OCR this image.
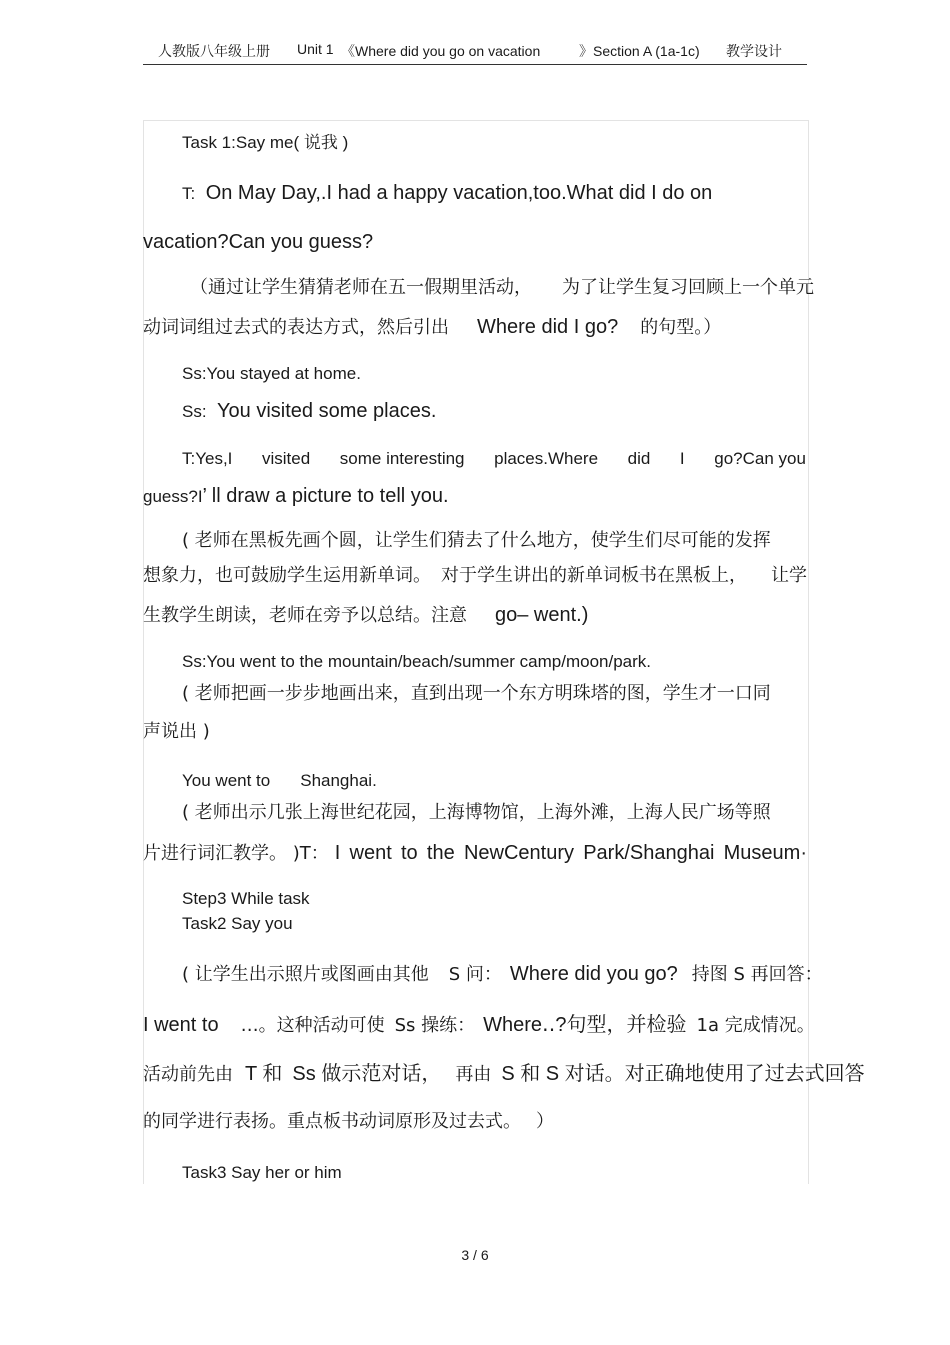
人教版八年级上册 Unit 1 《Where did you go on vacation	》Section A (1a-1c) 教学设计
Task 1:Say me( 说我 )
T: On May Day,.I had a happy vacation,too.What did I do on
vacation?Can you guess?
（通过让学生猜猜老师在五一假期里活动， 为了让学生复习回顾上一个单元
动词词组过去式的表达方式，然后引出 Where did I go? 的句型。）
Ss:You stayed at home.
Ss: You visited some places.
T:Yes,I visited some interesting places.Where did I go?Can you
guess?I’ ll draw a picture to tell you.
( 老师在黑板先画个圆，让学生们猜去了什么地方，使学生们尽可能的发挥
想象力，也可鼓励学生运用新单词。 对于学生讲出的新单词板书在黑板上， 让学
生教学生朗读，老师在旁予以总结。注意 go– went.)
Ss:You went to the mountain/beach/summer camp/moon/park.
( 老师把画一步步地画出来，直到出现一个东方明珠塔的图，学生才一口同
声说出 )
You went to Shanghai.
( 老师出示几张上海世纪花园，上海博物馆，上海外滩，上海人民广场等照
片进行词汇教学。 )T： I went to the NewCentury Park/Shanghai Museum·
Step3 While task
Task2 Say you
( 让学生出示照片或图画由其他 S 问： Where did you go? 持图 S 再回答：
I went to …。这种活动可使 Ss 操练： Where‥?句型，并检验 1a 完成情况。
活动前先由 T 和 Ss 做示范对话， 再由 S 和 S 对话。对正确地使用了过去式回答
的同学进行表扬。重点板书动词原形及过去式。 ）
Task3 Say her or him
3 / 6
